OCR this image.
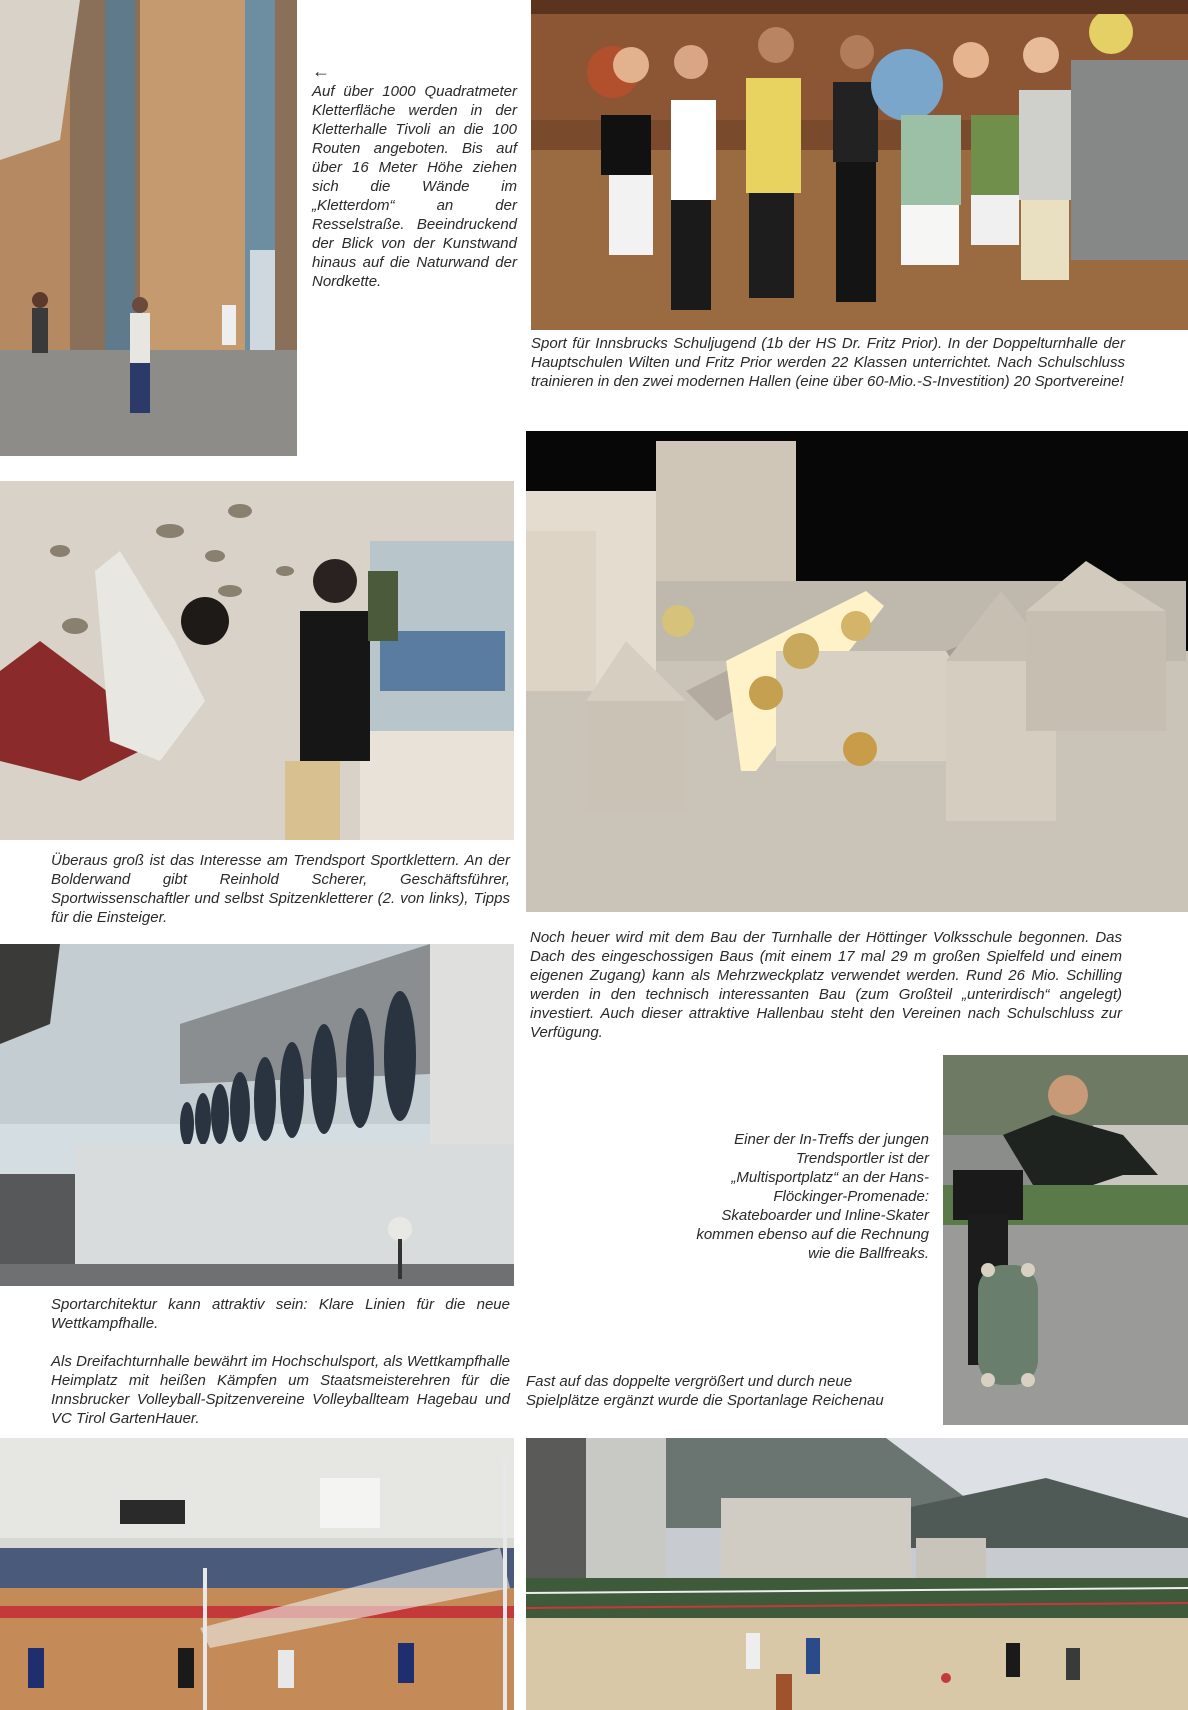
←

Auf über 1000 Quadratmeter Kletterfläche werden in der Kletterhalle Tivoli an die 100 Routen angeboten. Bis auf über 16 Meter Höhe ziehen sich die Wände im „Kletterdom“ an der Resselstraße. Beeindruckend der Blick von der Kunstwand hinaus auf die Naturwand der Nordkette.

Sport für Innsbrucks Schuljugend (1b der HS Dr. Fritz Prior). In der Doppelturnhalle der Hauptschulen Wilten und Fritz Prior werden 22 Klassen unterrichtet. Nach Schulschluss trainieren in den zwei modernen Hallen (eine über 60-Mio.-S-Investition) 20 Sportvereine!

Überaus groß ist das Interesse am Trendsport Sportklettern. An der Bolderwand gibt Reinhold Scherer, Geschäftsführer, Sportwissenschaftler und selbst Spitzenkletterer (2. von links), Tipps für die Einsteiger.

Noch heuer wird mit dem Bau der Turnhalle der Höttinger Volksschule begonnen. Das Dach des eingeschossigen Baus (mit einem 17 mal 29 m großen Spielfeld und einem eigenen Zugang) kann als Mehrzweckplatz verwendet werden. Rund 26 Mio. Schilling werden in den technisch interessanten Bau (zum Großteil „unterirdisch“ angelegt) investiert. Auch dieser attraktive Hallenbau steht den Vereinen nach Schulschluss zur Verfügung.

Sportarchitektur kann attraktiv sein: Klare Linien für die neue Wettkampfhalle.

Als Dreifachturnhalle bewährt im Hochschulsport, als Wettkampfhalle Heimplatz mit heißen Kämpfen um Staatsmeisterehren für die Innsbrucker Volleyball-Spitzenvereine Volleyballteam Hagebau und VC Tirol GartenHauer.

Einer der In-Treffs der jungen Trendsportler ist der „Multisportplatz“ an der Hans-Flöckinger-Promenade: Skateboarder und Inline-Skater kommen ebenso auf die Rechnung wie die Ballfreaks.

Fast auf das doppelte vergrößert und durch neue Spielplätze ergänzt wurde die Sportanlage Reichenau
